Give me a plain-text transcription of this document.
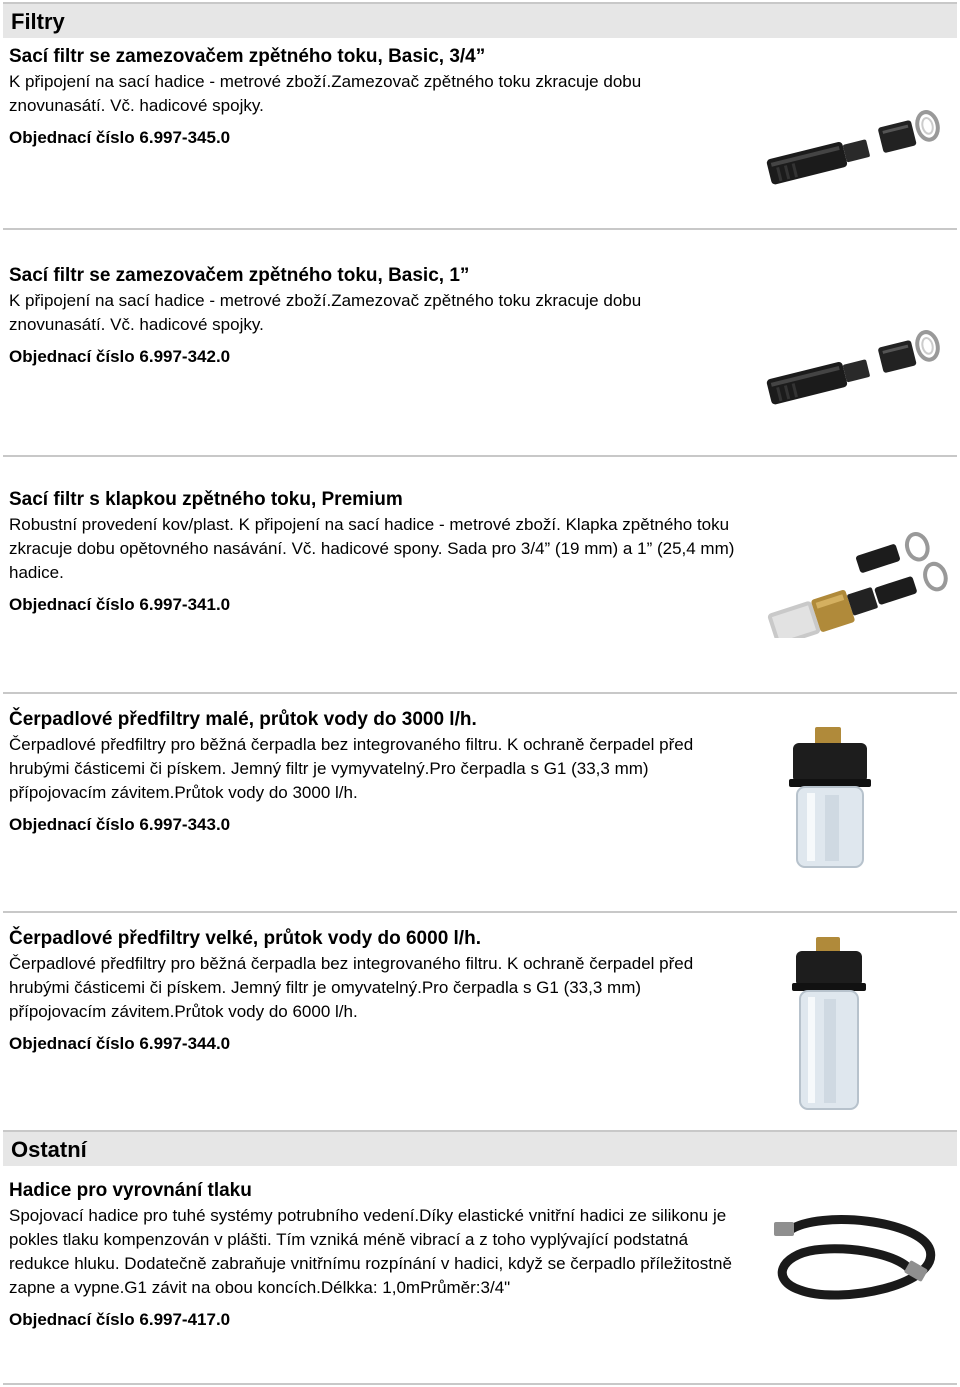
Filtry
Sací filtr se zamezovačem zpětného toku, Basic, 3/4”

K připojení na sací hadice - metrové zboží.Zamezovač zpětného toku zkracuje dobu znovunasátí. Vč. hadicové spojky.

Objednací číslo 6.997-345.0
Sací filtr se zamezovačem zpětného toku, Basic, 1”

K připojení na sací hadice - metrové zboží.Zamezovač zpětného toku zkracuje dobu znovunasátí. Vč. hadicové spojky.

Objednací číslo 6.997-342.0
Sací filtr s klapkou zpětného toku, Premium

Robustní provedení kov/plast. K připojení na sací hadice - metrové zboží. Klapka zpětného toku zkracuje dobu opětovného nasávání. Vč. hadicové spony. Sada pro 3/4” (19 mm) a 1” (25,4 mm) hadice.

Objednací číslo 6.997-341.0
Čerpadlové předfiltry malé, průtok vody do 3000 l/h.

Čerpadlové předfiltry pro běžná čerpadla bez integrovaného filtru. K ochraně čerpadel před hrubými částicemi či pískem. Jemný filtr je vymyvatelný.Pro čerpadla s G1 (33,3 mm) přípojovacím závitem.Průtok vody do 3000 l/h.

Objednací číslo 6.997-343.0
Čerpadlové předfiltry velké, průtok vody do 6000 l/h.

Čerpadlové předfiltry pro běžná čerpadla bez integrovaného filtru. K ochraně čerpadel před hrubými částicemi či pískem. Jemný filtr je omyvatelný.Pro čerpadla s G1 (33,3 mm) přípojovacím závitem.Průtok vody do 6000 l/h.

Objednací číslo 6.997-344.0
Ostatní
Hadice pro vyrovnání tlaku

Spojovací hadice pro tuhé systémy potrubního vedení.Díky elastické vnitřní hadici ze silikonu je pokles tlaku kompenzován v plášti. Tím vzniká méně vibrací a z toho vyplývající podstatná redukce hluku. Dodatečně zabraňuje vnitřnímu rozpínání v hadici, když se čerpadlo příležitostně zapne a vypne.G1 závit na obou koncích.Délkka: 1,0mPrůměr:3/4"

Objednací číslo 6.997-417.0
